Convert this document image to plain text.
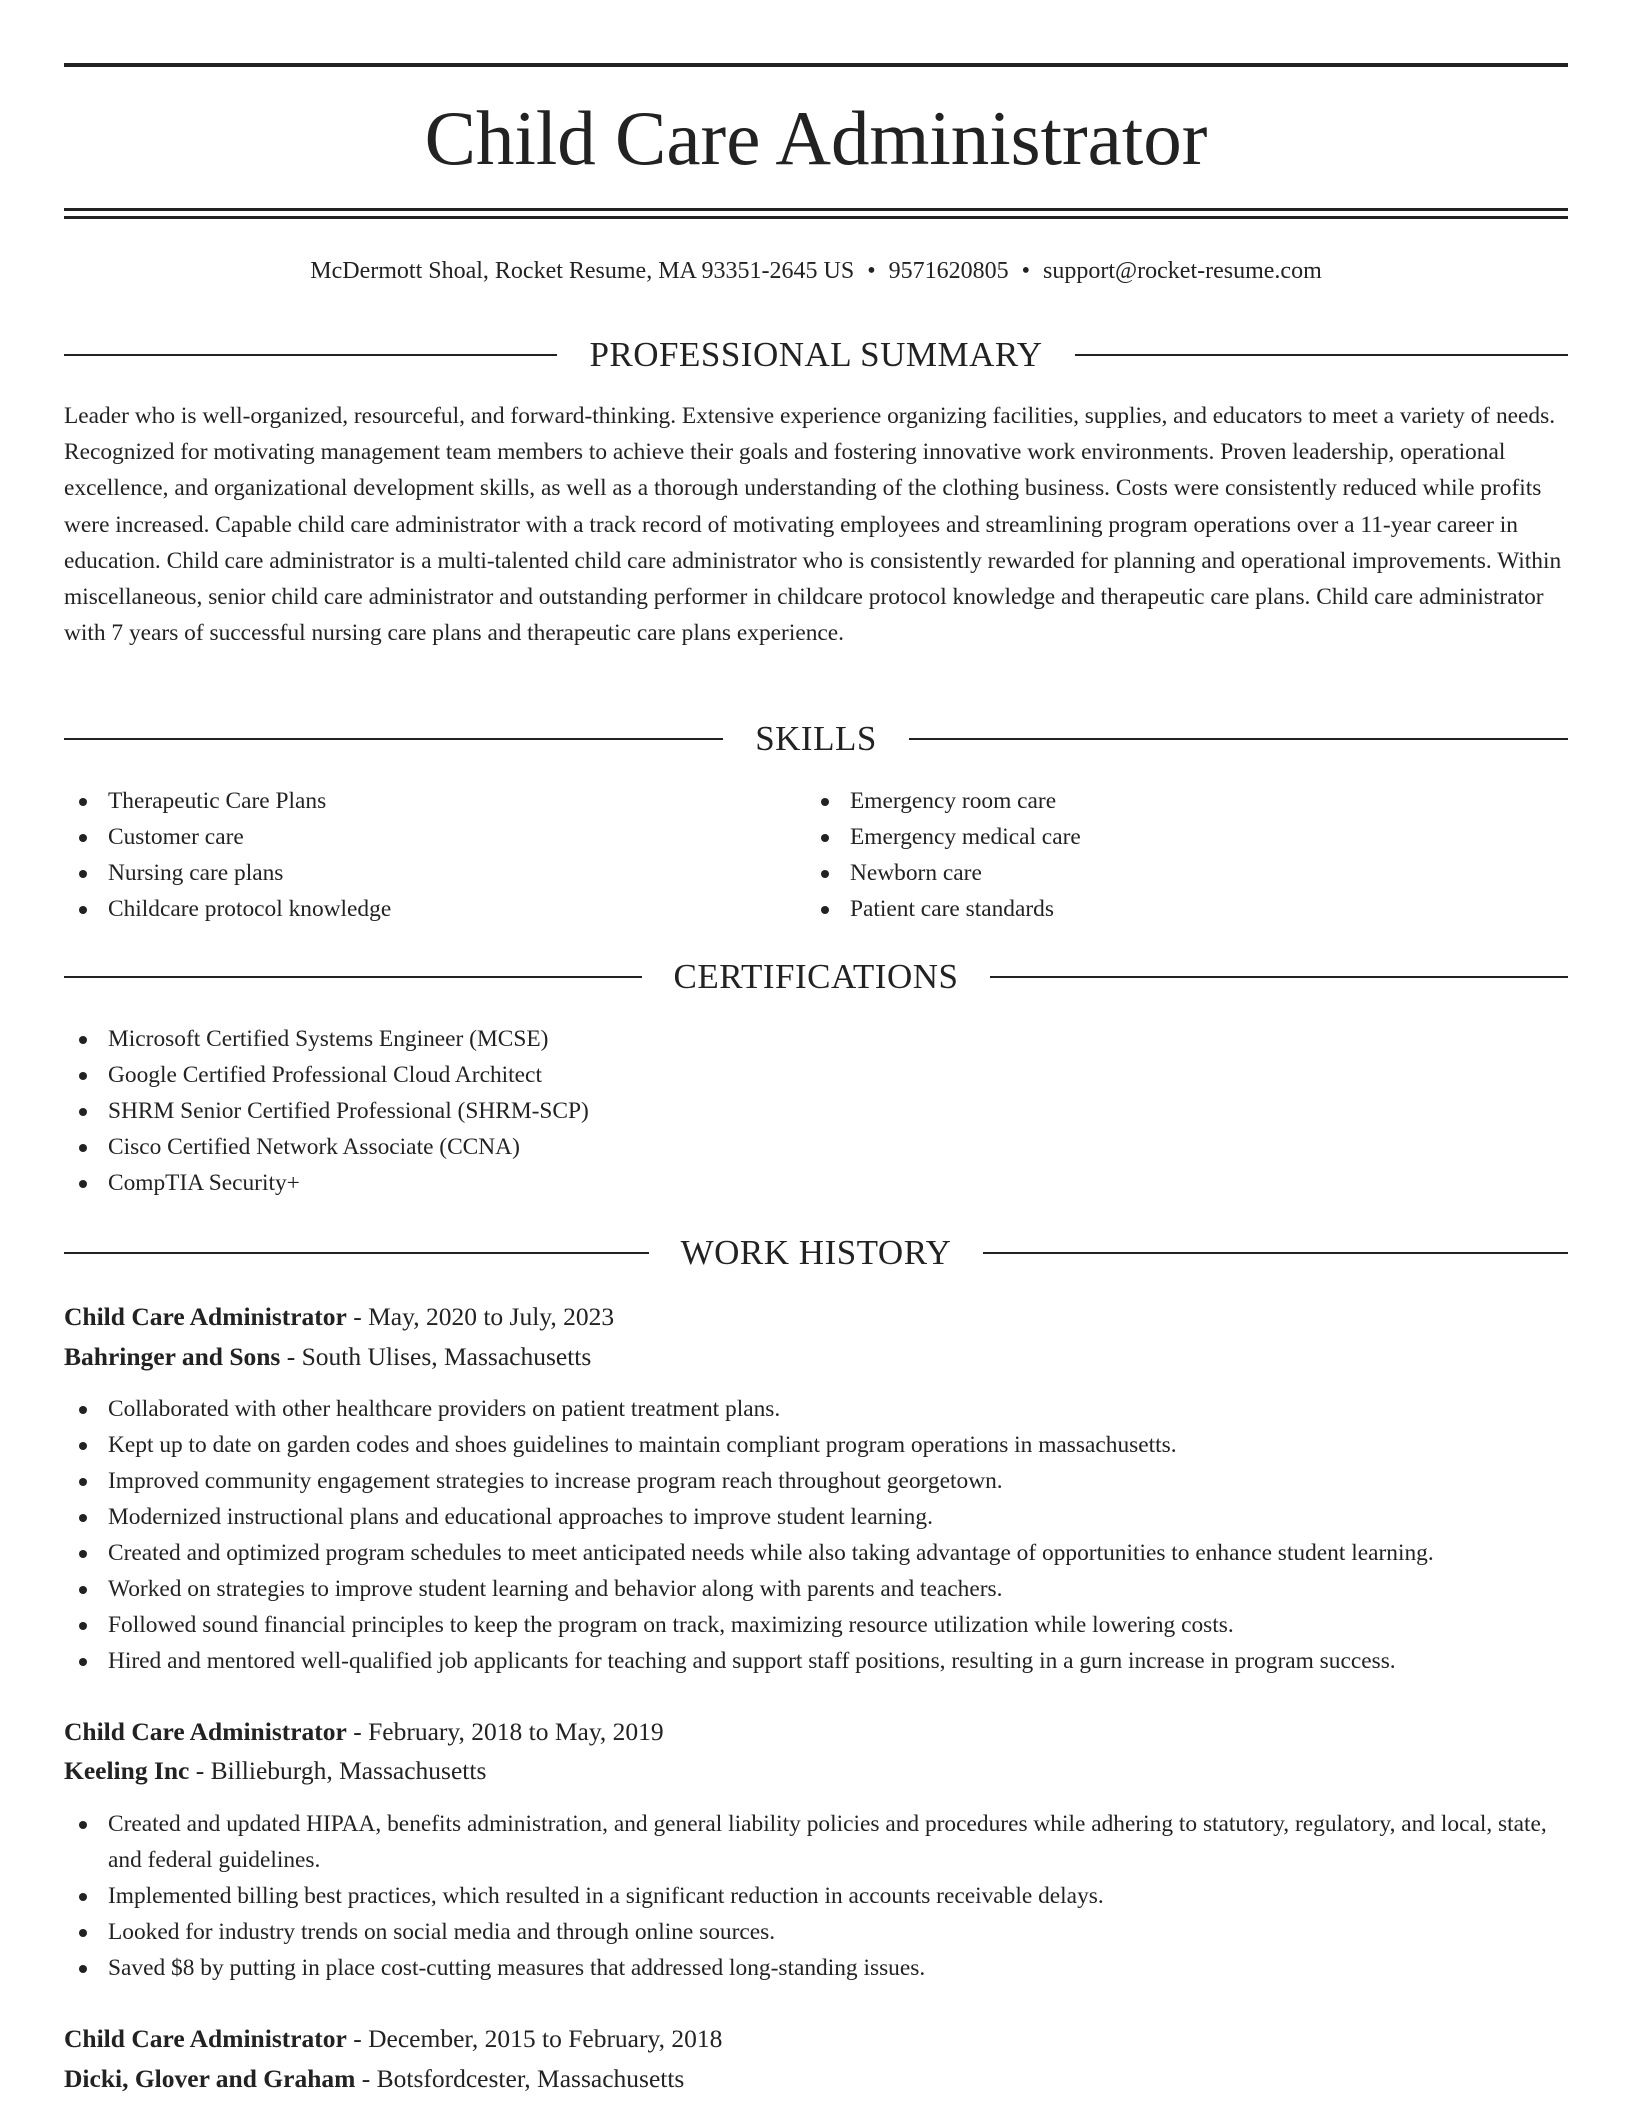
Child Care Administrator
McDermott Shoal, Rocket Resume, MA 93351-2645 US • 9571620805 • support@rocket-resume.com
PROFESSIONAL SUMMARY

Leader who is well-organized, resourceful, and forward-thinking. Extensive experience organizing facilities, supplies, and educators to meet a variety of needs. Recognized for motivating management team members to achieve their goals and fostering innovative work environments. Proven leadership, operational excellence, and organizational development skills, as well as a thorough understanding of the clothing business. Costs were consistently reduced while profits were increased. Capable child care administrator with a track record of motivating employees and streamlining program operations over a 11-year career in education. Child care administrator is a multi-talented child care administrator who is consistently rewarded for planning and operational improvements. Within miscellaneous, senior child care administrator and outstanding performer in childcare protocol knowledge and therapeutic care plans. Child care administrator with 7 years of successful nursing care plans and therapeutic care plans experience.

SKILLS
Therapeutic Care Plans
Customer care
Nursing care plans
Childcare protocol knowledge
Emergency room care
Emergency medical care
Newborn care
Patient care standards
CERTIFICATIONS
Microsoft Certified Systems Engineer (MCSE)
Google Certified Professional Cloud Architect
SHRM Senior Certified Professional (SHRM-SCP)
Cisco Certified Network Associate (CCNA)
CompTIA Security+
WORK HISTORY
Child Care Administrator - May, 2020 to July, 2023
Bahringer and Sons - South Ulises, Massachusetts
Collaborated with other healthcare providers on patient treatment plans.
Kept up to date on garden codes and shoes guidelines to maintain compliant program operations in massachusetts.
Improved community engagement strategies to increase program reach throughout georgetown.
Modernized instructional plans and educational approaches to improve student learning.
Created and optimized program schedules to meet anticipated needs while also taking advantage of opportunities to enhance student learning.
Worked on strategies to improve student learning and behavior along with parents and teachers.
Followed sound financial principles to keep the program on track, maximizing resource utilization while lowering costs.
Hired and mentored well-qualified job applicants for teaching and support staff positions, resulting in a gurn increase in program success.
Child Care Administrator - February, 2018 to May, 2019
Keeling Inc - Billieburgh, Massachusetts
Created and updated HIPAA, benefits administration, and general liability policies and procedures while adhering to statutory, regulatory, and local, state, and federal guidelines.
Implemented billing best practices, which resulted in a significant reduction in accounts receivable delays.
Looked for industry trends on social media and through online sources.
Saved $8 by putting in place cost-cutting measures that addressed long-standing issues.
Child Care Administrator - December, 2015 to February, 2018
Dicki, Glover and Graham - Botsfordcester, Massachusetts
